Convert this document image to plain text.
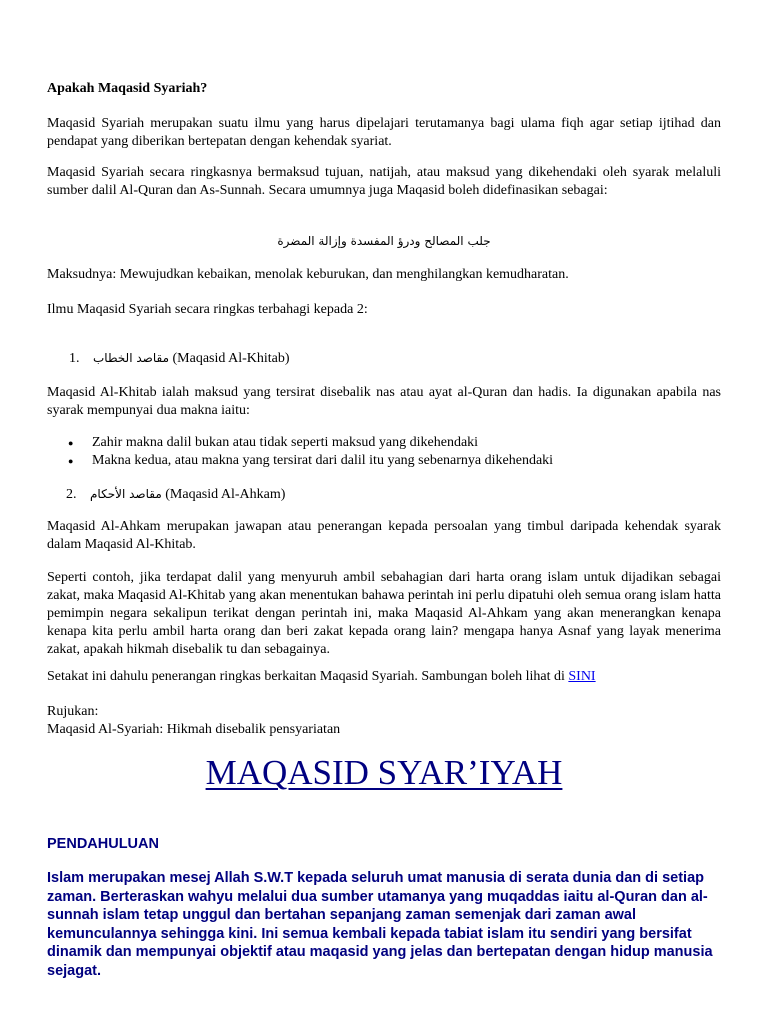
Apakah Maqasid Syariah?
Maqasid Syariah merupakan suatu ilmu yang harus dipelajari terutamanya bagi ulama fiqh agar setiap ijtihad dan pendapat yang diberikan bertepatan dengan kehendak syariat.
Maqasid Syariah secara ringkasnya bermaksud tujuan, natijah, atau maksud yang dikehendaki oleh syarak melaluli sumber dalil Al-Quran dan As-Sunnah. Secara umumnya juga Maqasid boleh didefinasikan sebagai:
جلب المصالح ودرؤ المفسدة وإزالة المضرة
Maksudnya: Mewujudkan kebaikan, menolak keburukan, dan menghilangkan kemudharatan.
Ilmu Maqasid Syariah secara ringkas terbahagi kepada 2:
1. مقاصد الخطاب (Maqasid Al-Khitab)
Maqasid Al-Khitab ialah maksud yang tersirat disebalik nas atau ayat al-Quran dan hadis. Ia digunakan apabila nas syarak mempunyai dua makna iaitu:
● Zahir makna dalil bukan atau tidak seperti maksud yang dikehendaki
● Makna kedua, atau makna yang tersirat dari dalil itu yang sebenarnya dikehendaki
2. مقاصد الأحكام (Maqasid Al-Ahkam)
Maqasid Al-Ahkam merupakan jawapan atau penerangan kepada persoalan yang timbul daripada kehendak syarak dalam Maqasid Al-Khitab.
Seperti contoh, jika terdapat dalil yang menyuruh ambil sebahagian dari harta orang islam untuk dijadikan sebagai zakat, maka Maqasid Al-Khitab yang akan menentukan bahawa perintah ini perlu dipatuhi oleh semua orang islam hatta pemimpin negara sekalipun terikat dengan perintah ini, maka Maqasid Al-Ahkam yang akan menerangkan kenapa kenapa kita perlu ambil harta orang dan beri zakat kepada orang lain? mengapa hanya Asnaf yang layak menerima zakat, apakah hikmah disebalik tu dan sebagainya.
Setakat ini dahulu penerangan ringkas berkaitan Maqasid Syariah. Sambungan boleh lihat di SINI
Rujukan:
Maqasid Al-Syariah: Hikmah disebalik pensyariatan
MAQASID SYAR’IYAH
PENDAHULUAN
Islam merupakan mesej Allah S.W.T kepada seluruh umat manusia di serata dunia dan di setiap zaman. Berteraskan wahyu melalui dua sumber utamanya yang muqaddas iaitu al-Quran dan al-sunnah islam tetap unggul dan bertahan sepanjang zaman semenjak dari zaman awal kemunculannya sehingga kini. Ini semua kembali kepada tabiat islam itu sendiri yang bersifat dinamik dan mempunyai objektif atau maqasid yang jelas dan bertepatan dengan hidup manusia sejagat.
